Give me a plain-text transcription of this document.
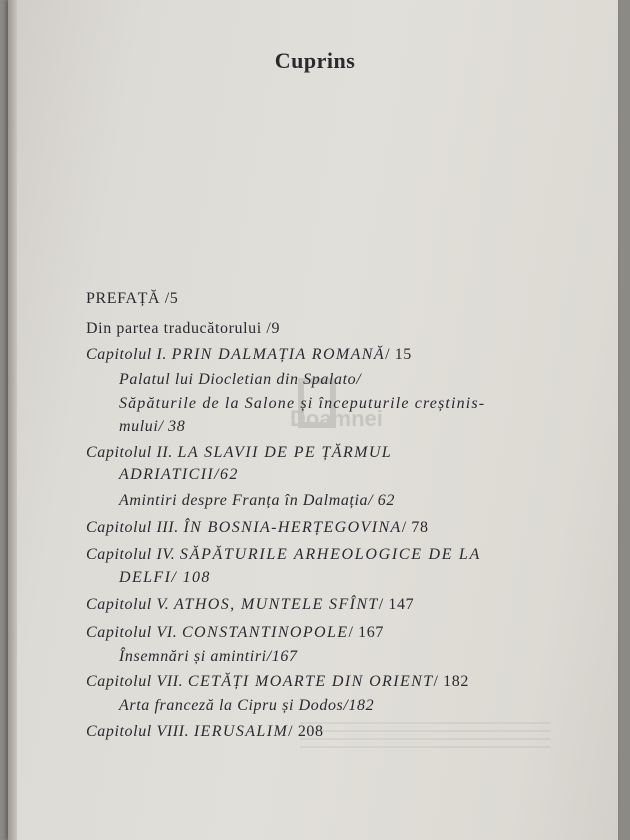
Cuprins
Doamnei
PREFAȚĂ /5
Din partea traducătorului /9
Capitolul I. PRIN DALMAȚIA ROMANĂ/ 15
Palatul lui Diocletian din Spalato/
Săpăturile de la Salone și începuturile creștinis-
mului/ 38
Capitolul II. LA SLAVII DE PE ȚĂRMUL
ADRIATICII/62
Amintiri despre Franța în Dalmația/ 62
Capitolul III. ÎN BOSNIA-HERȚEGOVINA/ 78
Capitolul IV. SĂPĂTURILE ARHEOLOGICE DE LA
DELFI/ 108
Capitolul V. ATHOS, MUNTELE SFÎNT/ 147
Capitolul VI. CONSTANTINOPOLE/ 167
Însemnări și amintiri/167
Capitolul VII. CETĂȚI MOARTE DIN ORIENT/ 182
Arta franceză la Cipru și Dodos/182
Capitolul VIII. IERUSALIM/ 208
